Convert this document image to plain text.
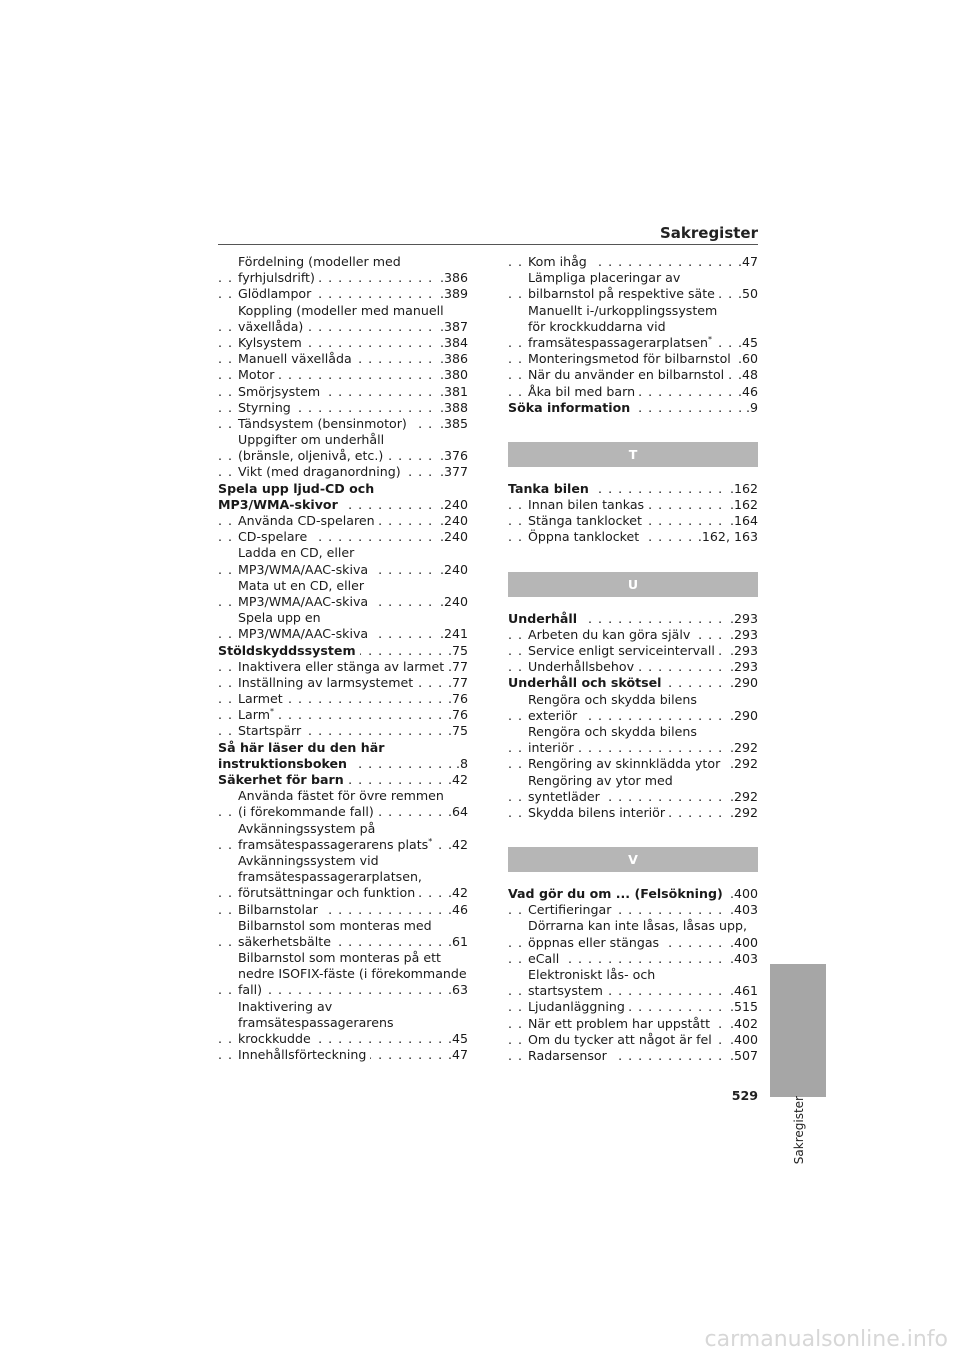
Sakregister
Fördelning (modeller med
fyrhjulsdrift)	.386
. . .
Glödlampor	.389
. . .
Koppling (modeller med manuell
växellåda)	.387
. . .
Kylsystem	.384
. . .
Manuell växellåda	.386
. . .
Motor	.380
. . .
Smörjsystem	.381
. . .
Styrning	.388
. . .
Tändsystem (bensinmotor)	.385
. . .
Uppgifter om underhåll
(bränsle, oljenivå, etc.)	.376
. . .
Vikt (med draganordning)	.377
. . .
Spela upp ljud-CD och
MP3/WMA-skivor	.240
. . .
Använda CD-spelaren	.240
. . .
CD-spelare	.240
. . .
Ladda en CD, eller
MP3/WMA/AAC-skiva	.240
. . .
Mata ut en CD, eller
MP3/WMA/AAC-skiva	.240
. . .
Spela upp en
MP3/WMA/AAC-skiva	.241
. . .
Stöldskyddssystem	.75
. . .
Inaktivera eller stänga av larmet .77
. . .
Inställning av larmsystemet	.77
. . .
Larmet	.76
. . .
Larm*	.76
. . .
Startspärr	.75
. . .
Så här läser du den här
instruktionsboken	.8
. . .
Säkerhet för barn	.42
. . .
Använda fästet för övre remmen
(i förekommande fall)	.64
. . .
Avkänningssystem på
framsätespassagerarens plats*	.42
. . .
Avkänningssystem vid
framsätespassagerarplatsen,
förutsättningar och funktion	.42
. . .
Bilbarnstolar	.46
. . .
Bilbarnstol som monteras med
säkerhetsbälte	.61
. . .
Bilbarnstol som monteras på ett
nedre ISOFIX-fäste (i förekommande
fall)	.63
. . .
Inaktivering av
framsätespassagerarens
krockkudde	.45
. . .
Innehållsförteckning	.47
. . .
Kom ihåg	.47
. . .
Lämpliga placeringar av
bilbarnstol på respektive säte	.50
. . .
Manuellt i-/urkopplingssystem
för krockkuddarna vid
framsätespassagerarplatsen*	.45
. . .
Monteringsmetod för bilbarnstol .60
. . .
När du använder en bilbarnstol	.48
. . .
Åka bil med barn	.46
. . .
Söka information	.9
. . .
T
Tanka bilen	.162
. . .
Innan bilen tankas	.162
. . .
Stänga tanklocket	.164
. . .
Öppna tanklocket	.162, 163
. . .
U
Underhåll	.293
. . .
Arbeten du kan göra själv	.293
. . .
Service enligt serviceintervall	.293
. . .
Underhållsbehov	.293
. . .
Underhåll och skötsel	.290
. . .
Rengöra och skydda bilens
exteriör	.290
. . .
Rengöra och skydda bilens
interiör	.292
. . .
Rengöring av skinnklädda ytor .292
. . .
Rengöring av ytor med
syntetläder	.292
. . .
Skydda bilens interiör	.292
. . .
V
Vad gör du om ... (Felsökning) .400
. . .
Certifieringar	.403
. . .
Dörrarna kan inte låsas, låsas upp,
öppnas eller stängas	.400
. . .
eCall	.403
. . .
Elektroniskt lås- och
startsystem	.461
. . .
Ljudanläggning	.515
. . .
När ett problem har uppstått	.402
. . .
Om du tycker att något är fel	.400
. . .
Radarsensor	.507
. . .
Sakregister
529
carmanualsonline.info
